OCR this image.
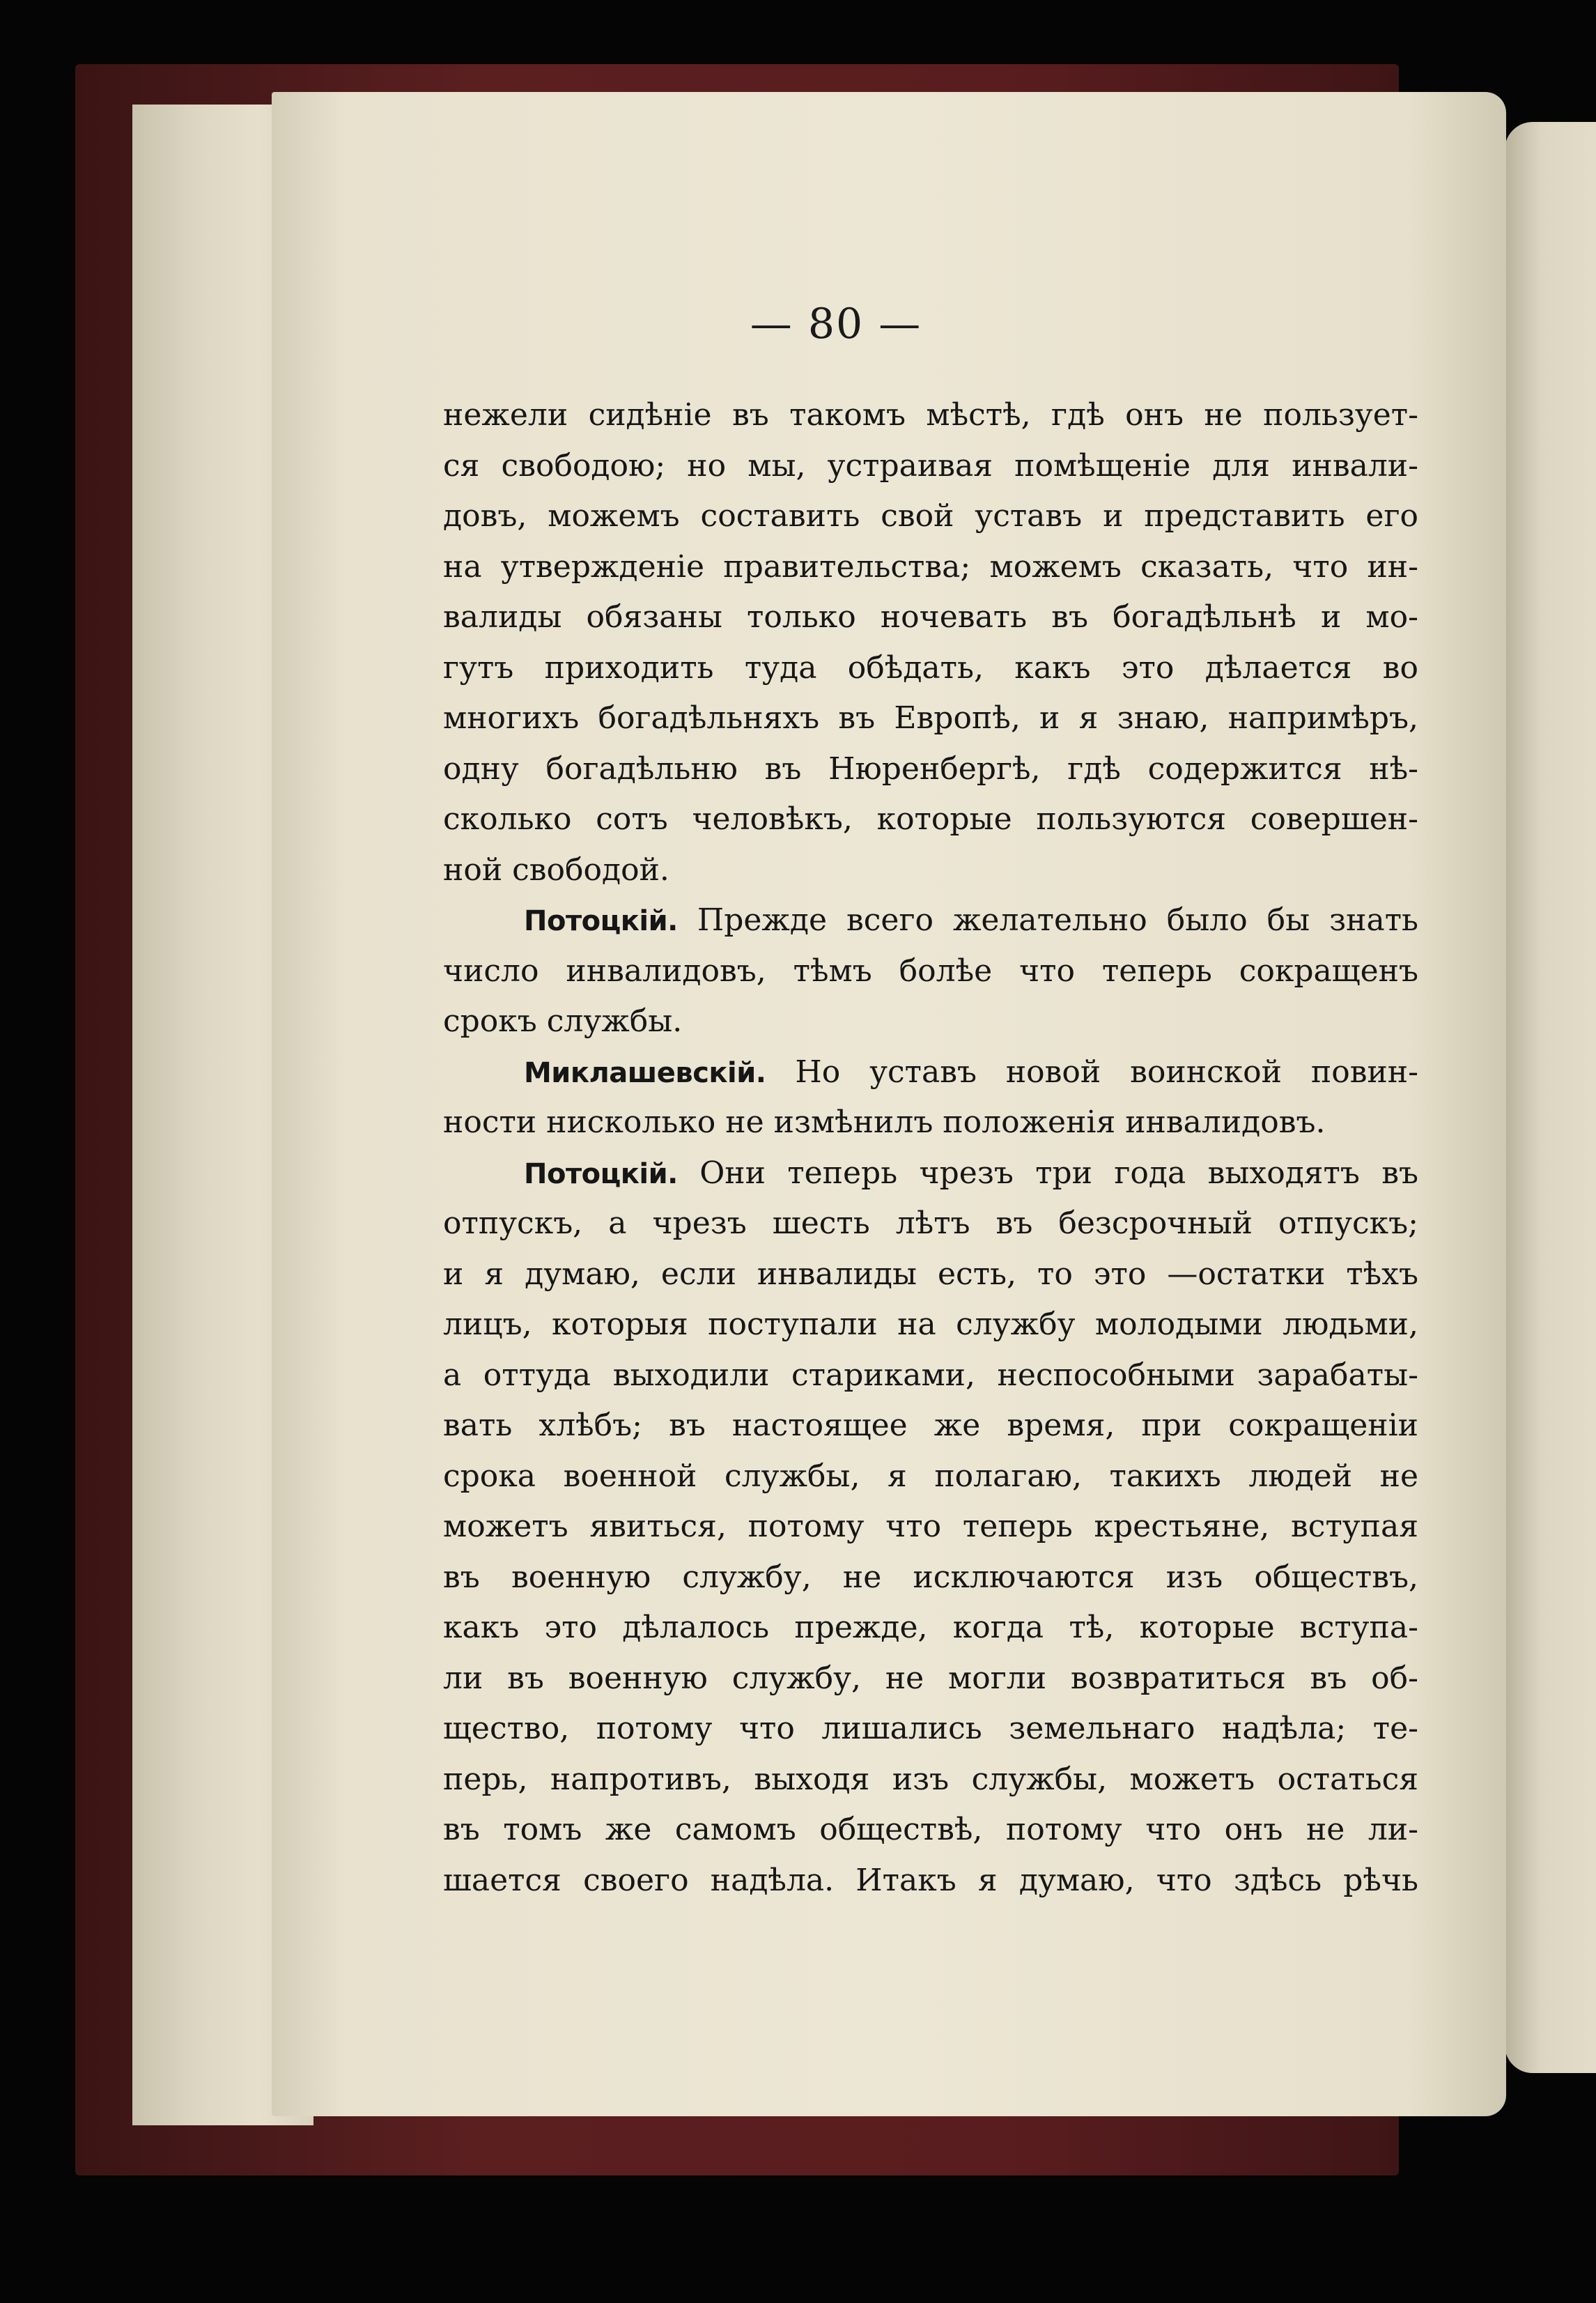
— 80 —
нежели сидѣніе въ такомъ мѣстѣ, гдѣ онъ не пользует-
ся свободою; но мы, устраивая помѣщеніе для инвали-
довъ, можемъ составить свой уставъ и представить его
на утвержденіе правительства; можемъ сказать, что ин-
валиды обязаны только ночевать въ богадѣльнѣ и мо-
гутъ приходить туда обѣдать, какъ это дѣлается во
многихъ богадѣльняхъ въ Европѣ, и я знаю, напримѣръ,
одну богадѣльню въ Нюренбергѣ, гдѣ содержится нѣ-
сколько сотъ человѣкъ, которые пользуются совершен-
ной свободой.
Потоцкій. Прежде всего желательно было бы знать
число инвалидовъ, тѣмъ болѣе что теперь сокращенъ
срокъ службы.
Миклашевскій. Но уставъ новой воинской повин-
ности нисколько не измѣнилъ положенія инвалидовъ.
Потоцкій. Они теперь чрезъ три года выходятъ въ
отпускъ, а чрезъ шесть лѣтъ въ безсрочный отпускъ;
и я думаю, если инвалиды есть, то это —остатки тѣхъ
лицъ, которыя поступали на службу молодыми людьми,
а оттуда выходили стариками, неспособными зарабаты-
вать хлѣбъ; въ настоящее же время, при сокращеніи
срока военной службы, я полагаю, такихъ людей не
можетъ явиться, потому что теперь крестьяне, вступая
въ военную службу, не исключаются изъ обществъ,
какъ это дѣлалось прежде, когда тѣ, которые вступа-
ли въ военную службу, не могли возвратиться въ об-
щество, потому что лишались земельнаго надѣла; те-
перь, напротивъ, выходя изъ службы, можетъ остаться
въ томъ же самомъ обществѣ, потому что онъ не ли-
шается своего надѣла. Итакъ я думаю, что здѣсь рѣчь
